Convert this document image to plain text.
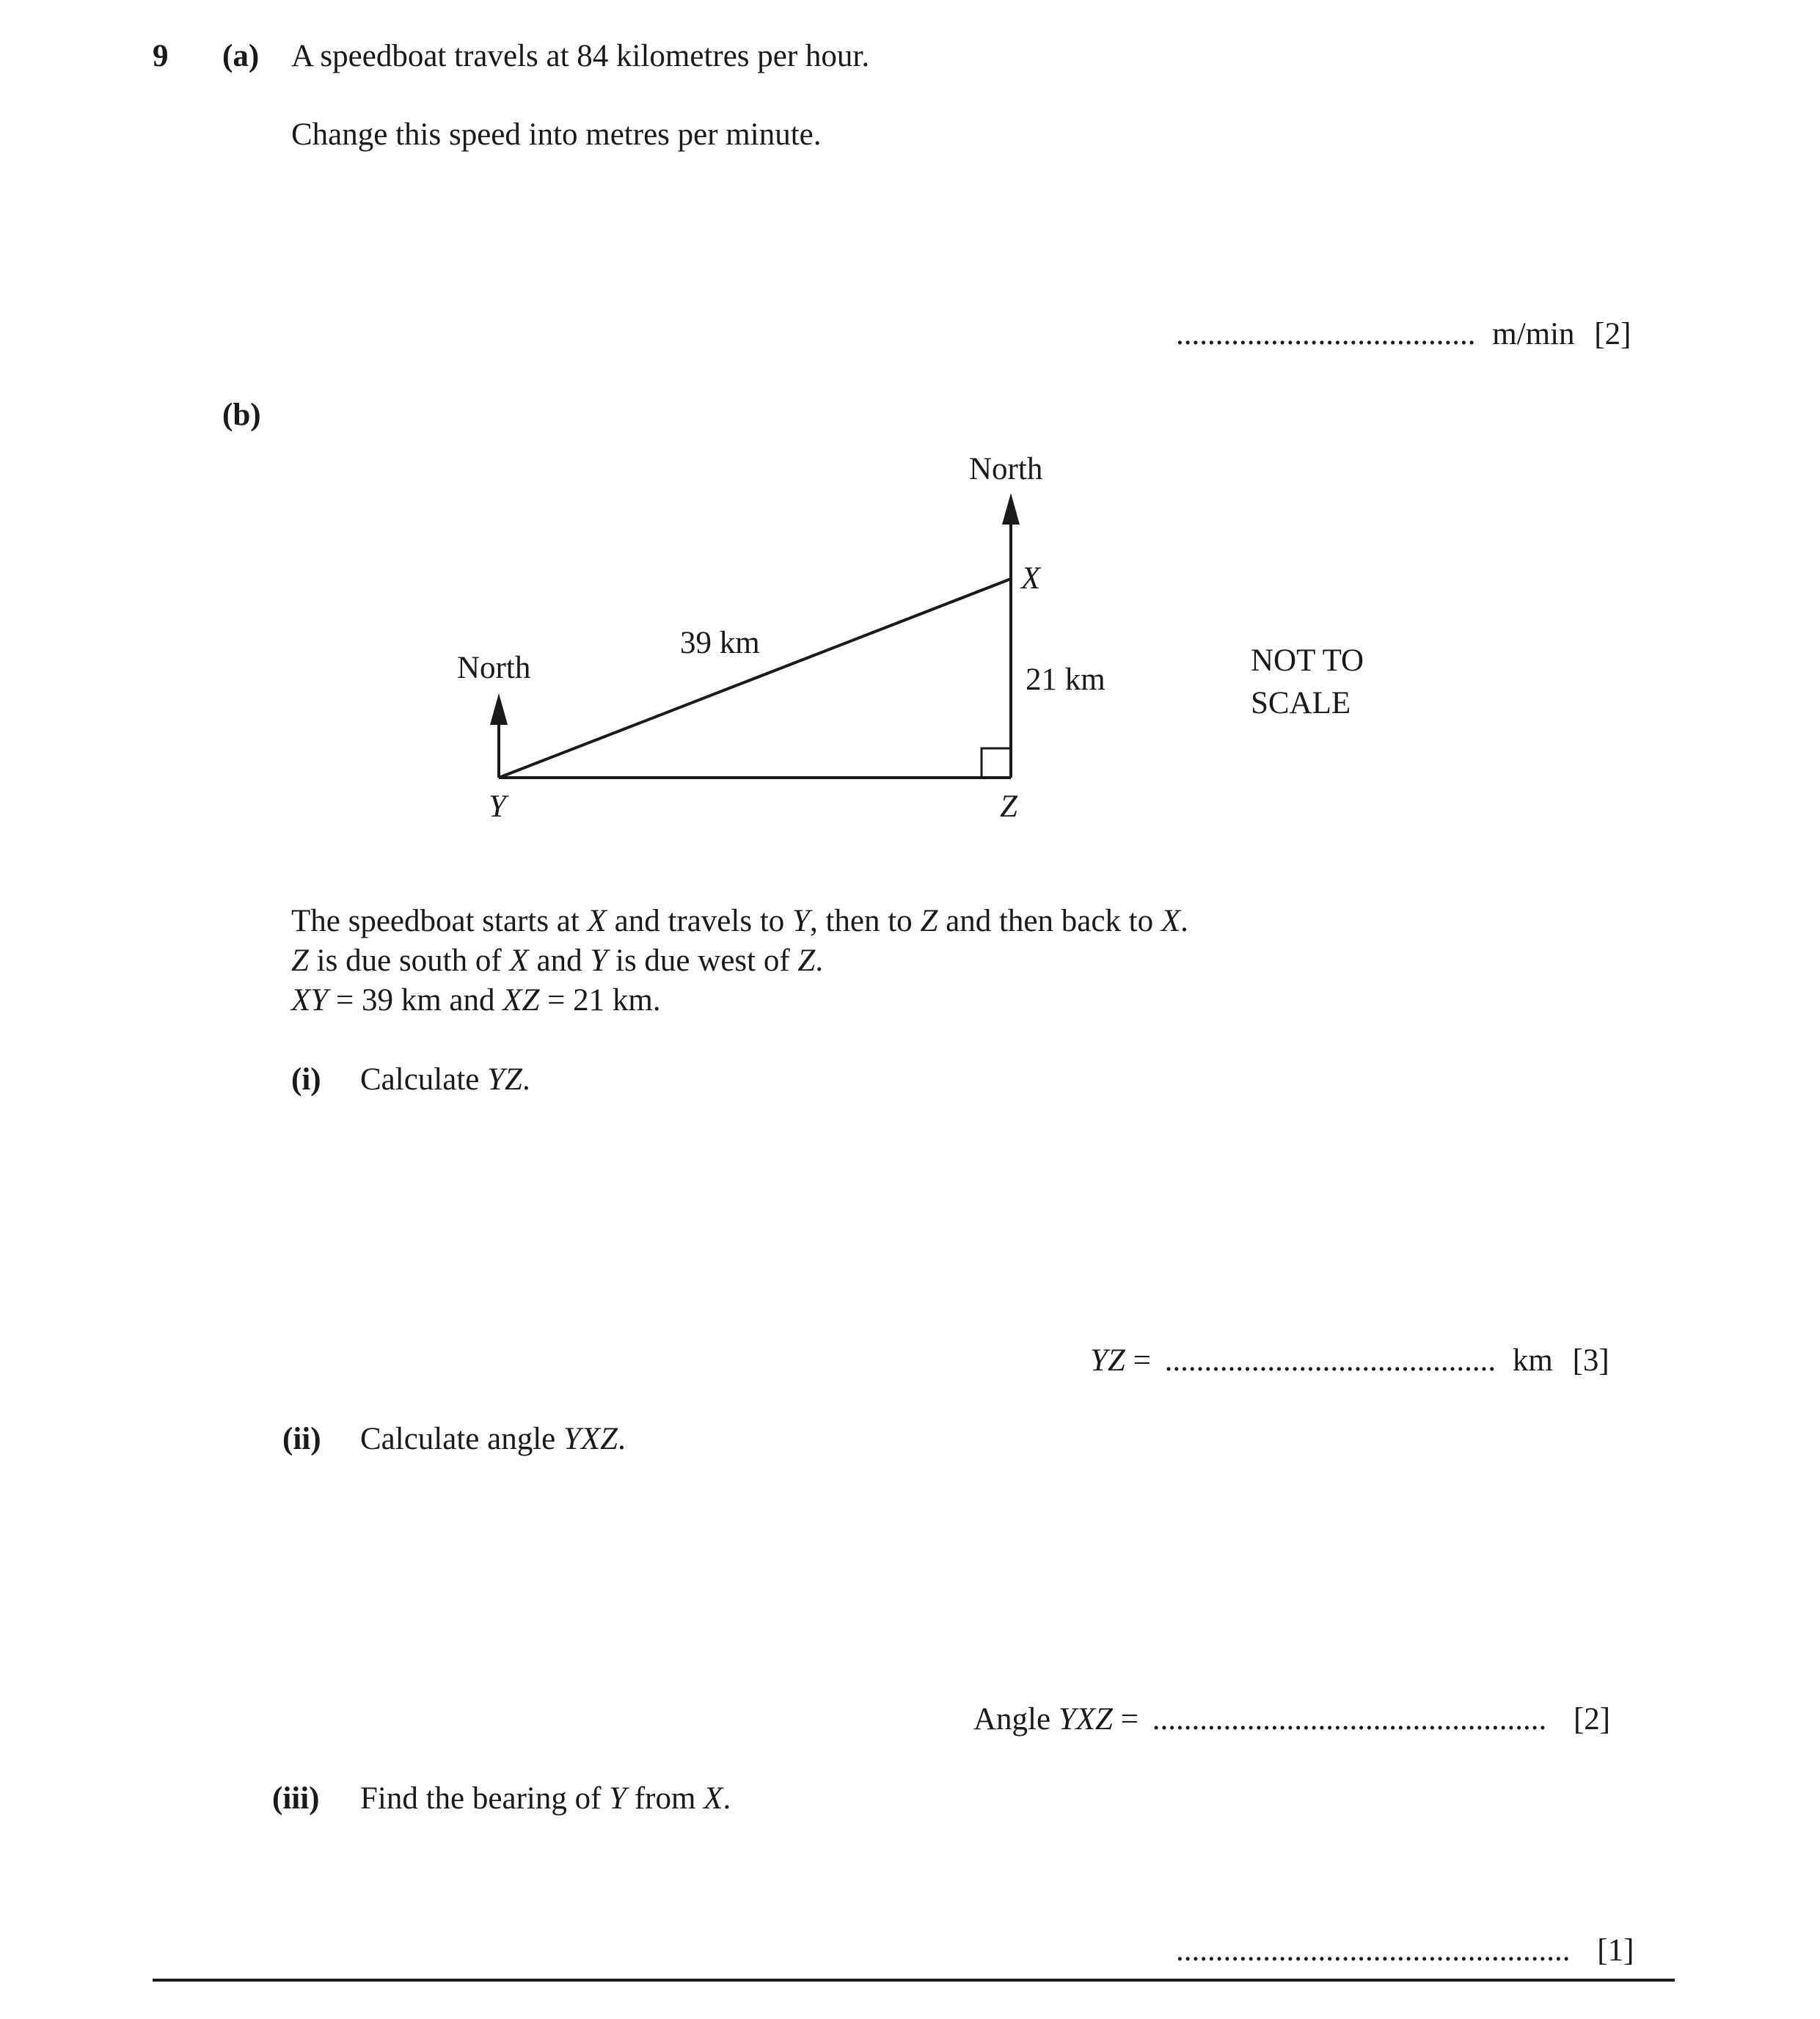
9 (a) A speedboat travels at 84 kilometres per hour.
Change this speed into metres per minute.
...................................... m/min [2]
(b)
North
X
39 km
North	21 km
NOT TO
SCALE
Y	Z
The speedboat starts at X and travels to Y, then to Z and then back to X.
Z is due south of X and Y is due west of Z.
XY = 39 km and XZ = 21 km.
(i) Calculate YZ.
YZ = .......................................... km [3]
(ii) Calculate angle YXZ.
Angle YXZ = .................................................. [2]
(iii) Find the bearing of Y from X.
.................................................. [1]
